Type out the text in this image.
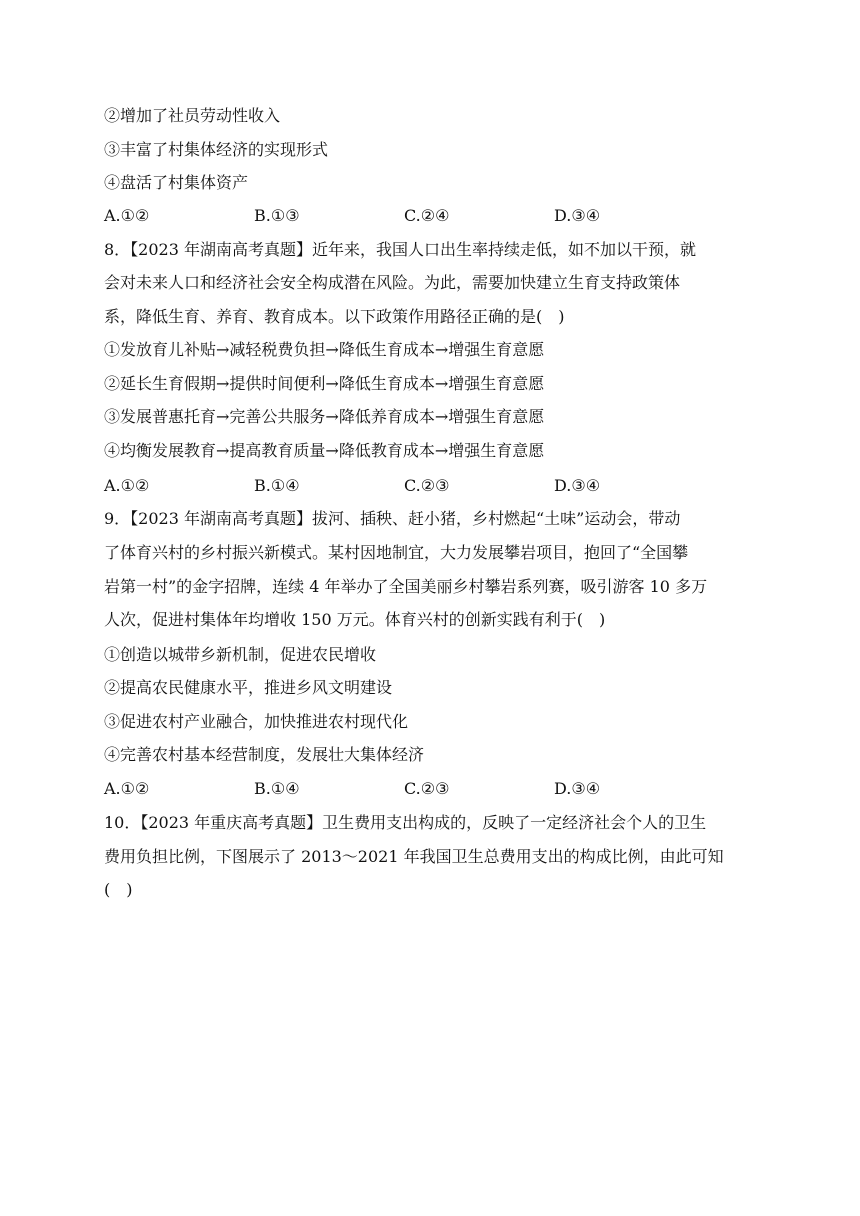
②增加了社员劳动性收入
③丰富了村集体经济的实现形式
④盘活了村集体资产
A.①②	B.①③	C.②④	D.③④
8．【2023 年湖南高考真题】近年来，我国人口出生率持续走低，如不加以干预，就
会对未来人口和经济社会安全构成潜在风险。为此，需要加快建立生育支持政策体
系，降低生育、养育、教育成本。以下政策作用路径正确的是(　)
①发放育儿补贴→减轻税费负担→降低生育成本→增强生育意愿
②延长生育假期→提供时间便利→降低生育成本→增强生育意愿
③发展普惠托育→完善公共服务→降低养育成本→增强生育意愿
④均衡发展教育→提高教育质量→降低教育成本→增强生育意愿
A.①②	B.①④	C.②③	D.③④
9．【2023 年湖南高考真题】拔河、插秧、赶小猪，乡村燃起“土味”运动会，带动
了体育兴村的乡村振兴新模式。某村因地制宜，大力发展攀岩项目，抱回了“全国攀
岩第一村”的金字招牌，连续 4 年举办了全国美丽乡村攀岩系列赛，吸引游客 10 多万
人次，促进村集体年均增收 150 万元。体育兴村的创新实践有利于(　)
①创造以城带乡新机制，促进农民增收
②提高农民健康水平，推进乡风文明建设
③促进农村产业融合，加快推进农村现代化
④完善农村基本经营制度，发展壮大集体经济
A.①②	B.①④	C.②③	D.③④
10．【2023 年重庆高考真题】卫生费用支出构成的，反映了一定经济社会个人的卫生
费用负担比例，下图展示了 2013～2021 年我国卫生总费用支出的构成比例，由此可知
(　)
